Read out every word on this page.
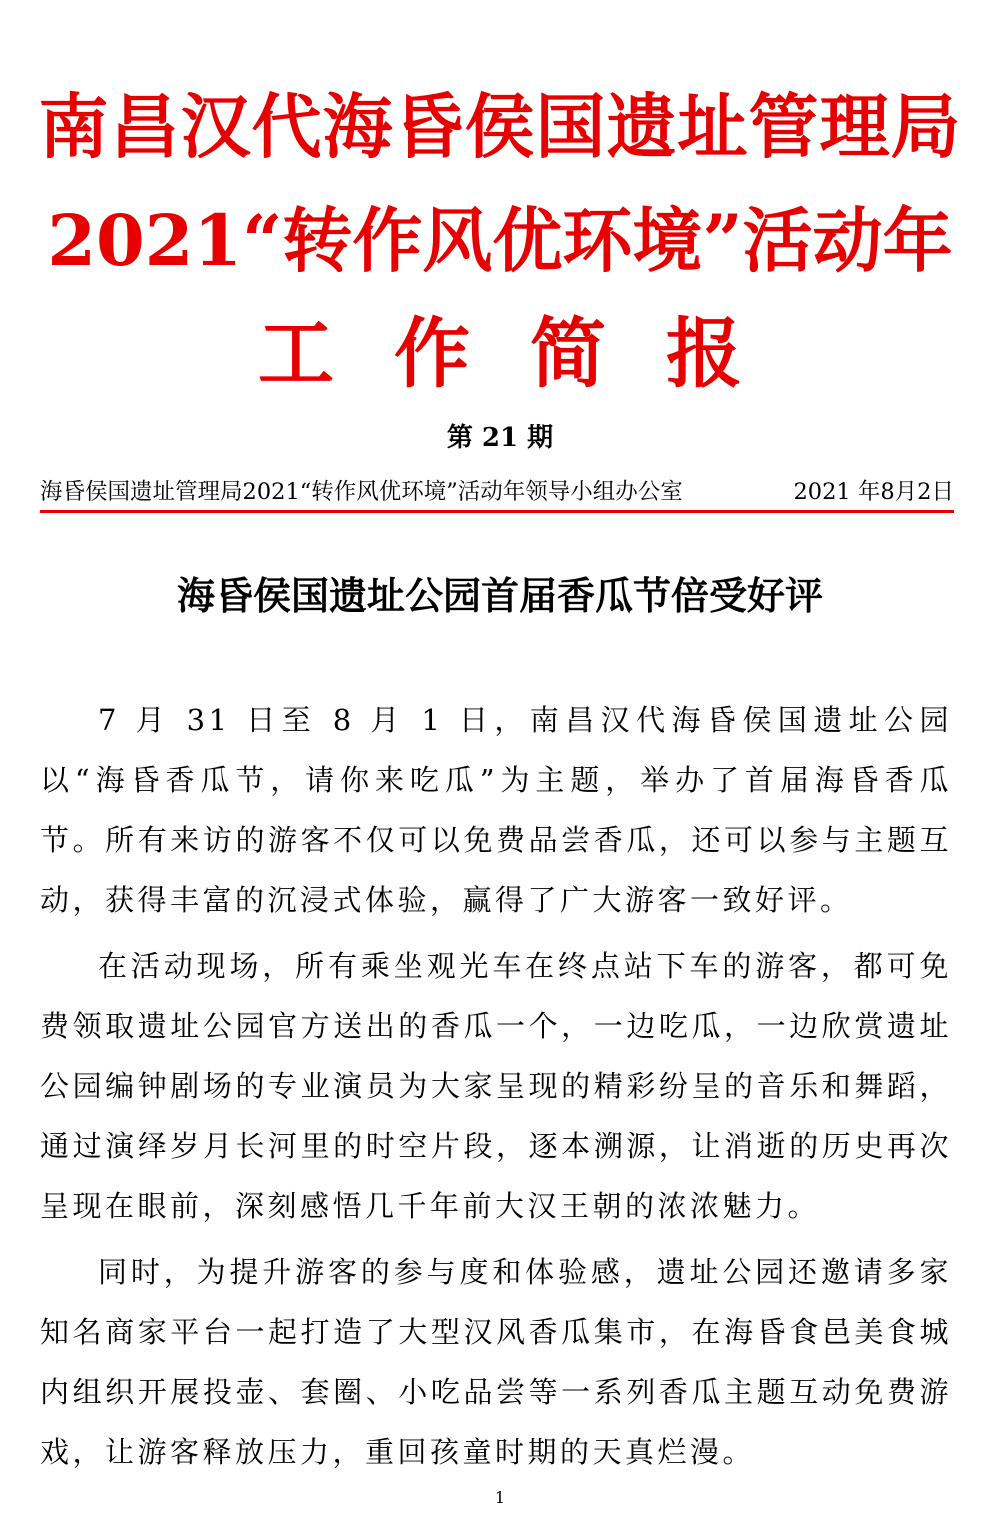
南昌汉代海昏侯国遗址管理局
2021“转作风优环境”活动年
工作简报
第 21 期
海昏侯国遗址管理局2021“转作风优环境”活动年领导小组办公室	2021 年8月2日
海昏侯国遗址公园首届香瓜节倍受好评

7 月 31 日至 8 月 1 日，南昌汉代海昏侯国遗址公园以“海昏香瓜节，请你来吃瓜”为主题，举办了首届海昏香瓜节。所有来访的游客不仅可以免费品尝香瓜，还可以参与主题互动，获得丰富的沉浸式体验，赢得了广大游客一致好评。

在活动现场，所有乘坐观光车在终点站下车的游客，都可免费领取遗址公园官方送出的香瓜一个，一边吃瓜，一边欣赏遗址公园编钟剧场的专业演员为大家呈现的精彩纷呈的音乐和舞蹈，通过演绎岁月长河里的时空片段，逐本溯源，让消逝的历史再次呈现在眼前，深刻感悟几千年前大汉王朝的浓浓魅力。

同时，为提升游客的参与度和体验感，遗址公园还邀请多家知名商家平台一起打造了大型汉风香瓜集市，在海昏食邑美食城内组织开展投壶、套圈、小吃品尝等一系列香瓜主题互动免费游戏，让游客释放压力，重回孩童时期的天真烂漫。

1
